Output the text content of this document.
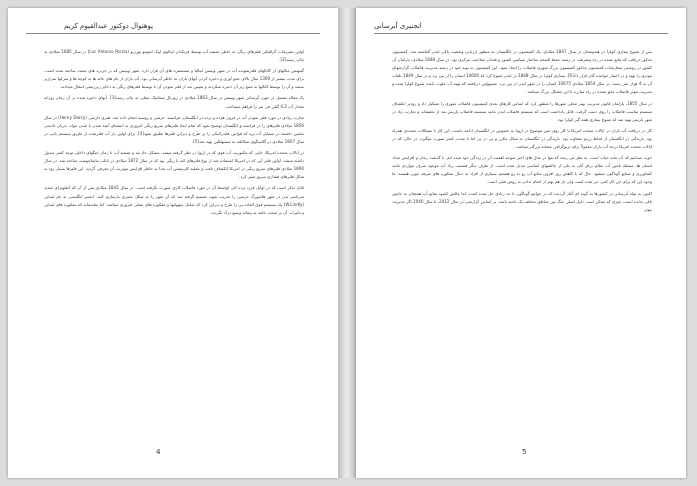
پوهنوال دوکتور عبدالقیوم کریم

اولین تشریحات گرافیکی فلترهای ریگی به خاطر تصفیه آب توسط فزیکدان ایتالوی لوک انتونیو پورزیو (Luc Antonio Porzio) در سال 1685 میلادی به چاپ رسید[2].

گیتهنس مثالهای از کانالهای فلترشونده آب در شهر ویینس ایتالیا و مستعمره های آن قرار دارد. شهر ویینس که بر جزیره های متعدد ساخته شده است، برای مدت بیشتر از 1300 سال بالای جمع آوری و ذخیره کردن آبهای باران به خاطر آبرسانی بود. آب باران از بام های خانه ها به کوچه ها و سرکها سرازیر میشد و آن را توسط کانالها به منبع زیر آن ذخیره میکردند و سپس بعد از فلتر نمودن آن با توسط فلترهای ریگی به ذخایر زیرزمینی انتقال میدادند.

یک مقاله مفصل در مورد آبرسانی شهر ویینس در سال 1863 میلادی در ژورنال میخانیک عملی به چاپ رسید[3]. آبهای ذخیره شده در آن زمان روزانه مقدار آب 4.2 گیلن فی نفر را فراهم میساخت.

تجارب زیادی در مورد فلتر نمودن آب در قرون هژده و نزده در انگلستان، فرانسه، جرمنی و روسیه انجام داده شد. هنری دارسی (Henry Darcy) در سال 1856 میلادی فلترهای را در فرانسه و انگلستان توضیح نمود که تمام ابعاد فلترهای سریع ریگی امروزی به استثنای آنچه شدن با شدن مواد، جریان دادسی تخمین داشتند در مسایل آب پره که قوانین هایدرالیکی را بر طرح و دیزاین فلترها تطبیق نمود[4]. برای اولین بار آب فلترشده از طریق سیستم پایپ در سال 1807 میلادی در گلاسگوی سکاتلند به مستهلکین تهیه شد[5].

در ایالات متحده امریکا، جایی که مکتوریت آب قوی که در اروپا در نظر گرفته میشد، مشکل حاد تپد و تصفیه آب تا زمان جنگهای داخلی توجه کمتر مبذول داشته میشد. اولین فلتر آبی که در امریکا استفاده شد از نوع فلترهای کند با ریگی بود که در سال 1872 میلادی در ایالت ماساچوست ساخته شد. در سال 1890 میلادی فلترهای سریع ریگی در امریکا انکشاف یافت و عملیه کلرینیشن آب بعدا به خاطر افزایش موثریت آن معرفی گردید. این فلترها بسیار زود به شکل فلترهای فشاری سریع تغییر کرد.

قابل تذکر است که در اوایل قرن نزده الی اواسط آن در مورد فاضلاب کاری صورت نگرفته است. در سال 1842 میلادی پس از آن که آنفلونزای شدید سرتاسر بدن در شهر هامبورگ جرمنی را تخریب نمود، تصمیم گرفته شد که آن شهر را به شکل عصری بازسازی کنند. انجنیر انگلیسی به نام لیندلی (W.Lindly) یک سیستم فوق العاده پی را طرح و دیزاین کرد که شامل سهولتها و مفکوره های عملی امروزی میباشد. اما متاسفانه که مفکوره های لیندلی و تاثیرات آن بر صحت عامه به پیمانه وسیع درک نگردید.

4
انجنیری آبرسانی

پس از شیوع بیماری کولرا در هندوستان در سال 1847 میلادی، یک کمیسیون در انگلستان به منظور ارزیابی وضعیت پاکی لندن گماشته شد. کمیسیون مذکور دریافت که مانع عمده در راه پیشرفت در زمینه حفظ الصحه ساختار سیاسی کشور و فقدان صلاحیت مرکزی بود. در سال 1848 میلادی، پارلمان آن کشور در روشنی سفارشات کمیسیون مذکور کمیسیون بزرگ شهری فاضلاب را ایجاد نمود. این کمیسیون به نوبه خود در زمینه مدیریت فاضلاب گزارشهای موثری را تهیه و در اختیار خواننده گان قرار داد[6]. بیماری کولرا در سال 1848 در لندن شیوع کرد که 14600 انسان را از بین برد و در سال 1849 تلفات آن به 4 هزار نفر رسید. در سال 1854 میلادی 10675 انسان را در شهر لندن از بین برد. مسوولین دریافتند که تهیه آب ملوث باعث شیوع کولرا شده و مدیریت موثر فاضلاب مانع عمده در راه مبارزه با این مشکل بزرگ میباشد.

در سال 1855، پارلمان قانون مدیریت بهتر محلی شهرها را منظور کرد که اساس کارهای بعدی کمیسیون فاضلاب شهری را تشکیل داد و زودتر انکشاف سیستم مناسب فاضلاب را روی دست گرفت. قابل یادداشت است که سیستم فاضلاب لندن مانند سیستم فاضلاب پاریس بعد از تحقیقات و تجارب زیاد در شهر پاریس تهیه شد که شیوع بیماری همه گیر کولرا بود.

کار در دریافت آب باران در ایالات متحده امریکا با کار روی عین موضوع در اروپا به خصوص در انگلستان ادامه داشت. این کار با مشکلات متعددی همراه بود. باریدگی در انگلستان از لحاظ رژیم متفاوت بود. باریدگی در انگلستان به شکل مکرر و پی در پی اما با شدت کمتر صورت میگیرد، در حالی که در ایالات متحده امریکا درجه آب باران معمولاً برای تریوگرافی مشابه بزرگتر میباشد.

خوب میدانیم که آب مایه حیات است. به نظر می رسد که تنها در سال های اخیر متوجه اهمیت آن در زندگی خود شده ایم. با گذشت زمان و افزایش تعداد انسان ها، مسئله تامین آب سالم برای آنان به یکی از چالشهای اساسی تبدیل شده است. از طرف دیگر قسمت زیاد آب موجود صرف مواردی مانند کشاورزی و صنایع گوناگون میشود. حال که با کاهش روز افزون منابع آب رو به رو هستیم بسیاری از افراد به دنبال مفکوره های صرفه جویی هستند. ما وجود این که برای این کار کمی دیر شده است ولی باز هم بهتر از انجام ندادن به روش قبلی است.

اکنون به تولد آبرسانی در کشورها به گونه ای آغاز گردیده که در جوامع گوناگون تا حد زیادی حل شده است. اما چالش کمبود منابع آب همچنان به جایش باقی مانده است، چیزی که ممکن است دلیل اصلی جنگ بین مناطق مختلف یک ناحیه باشد. بر اساس گزارشی در سال 2012، تا سال 2040 اگر مدیریت موثر

5
